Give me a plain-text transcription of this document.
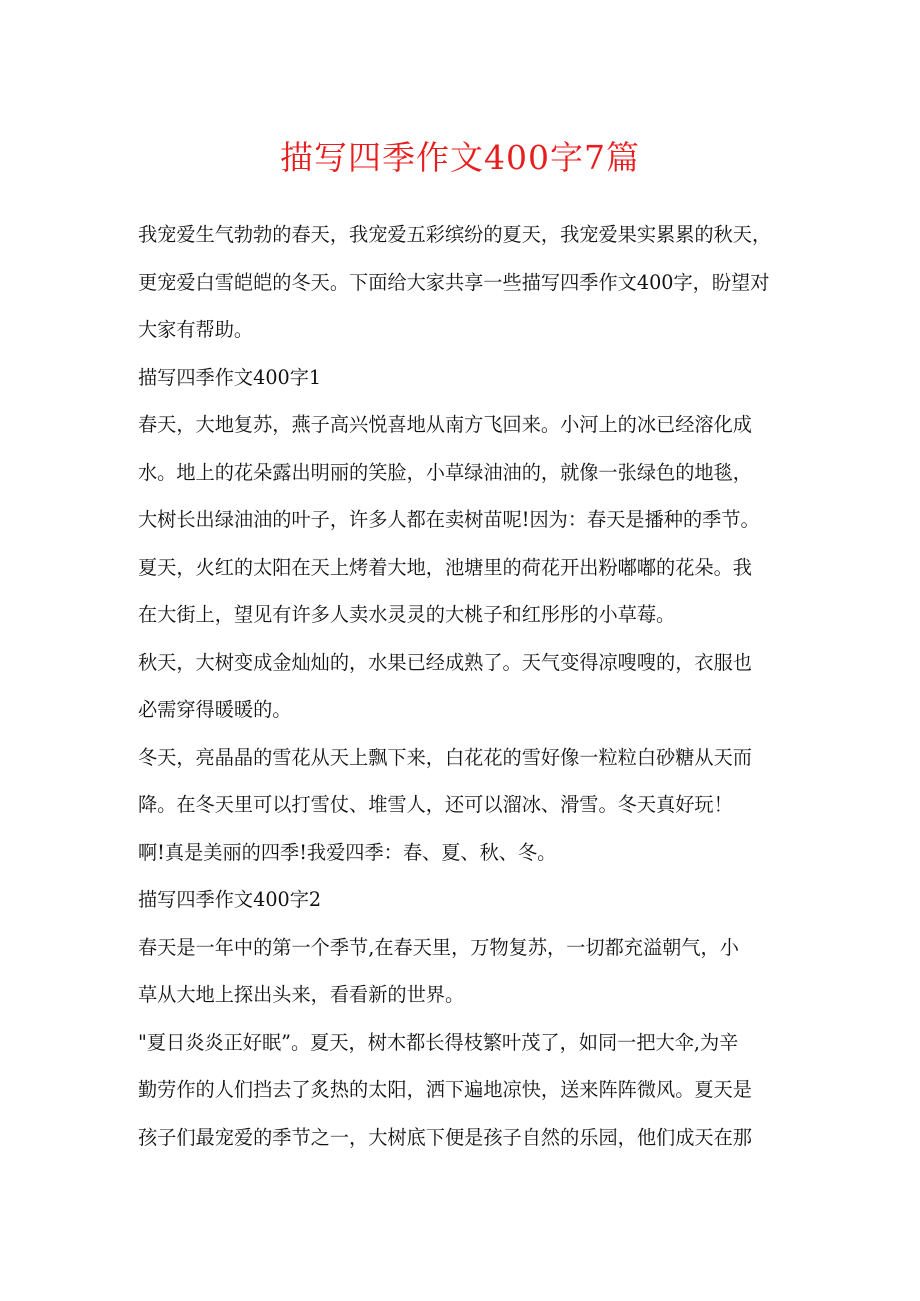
描写四季作文400字7篇
我宠爱生气勃勃的春天，我宠爱五彩缤纷的夏天，我宠爱果实累累的秋天，
更宠爱白雪皑皑的冬天。下面给大家共享一些描写四季作文400字，盼望对
大家有帮助。
描写四季作文400字1
春天，大地复苏，燕子高兴悦喜地从南方飞回来。小河上的冰已经溶化成
水。地上的花朵露出明丽的笑脸，小草绿油油的，就像一张绿色的地毯，
大树长出绿油油的叶子，许多人都在卖树苗呢!因为：春天是播种的季节。
夏天，火红的太阳在天上烤着大地，池塘里的荷花开出粉嘟嘟的花朵。我
在大街上，望见有许多人卖水灵灵的大桃子和红彤彤的小草莓。
秋天，大树变成金灿灿的，水果已经成熟了。天气变得凉嗖嗖的，衣服也
必需穿得暖暖的。
冬天，亮晶晶的雪花从天上飘下来，白花花的雪好像一粒粒白砂糖从天而
降。在冬天里可以打雪仗、堆雪人，还可以溜冰、滑雪。冬天真好玩！
啊!真是美丽的四季!我爱四季：春、夏、秋、冬。
描写四季作文400字2
春天是一年中的第一个季节,在春天里，万物复苏，一切都充溢朝气，小
草从大地上探出头来，看看新的世界。
"夏日炎炎正好眠”。夏天，树木都长得枝繁叶茂了，如同一把大伞,为辛
勤劳作的人们挡去了炙热的太阳，洒下遍地凉快，送来阵阵微风。夏天是
孩子们最宠爱的季节之一，大树底下便是孩子自然的乐园，他们成天在那
